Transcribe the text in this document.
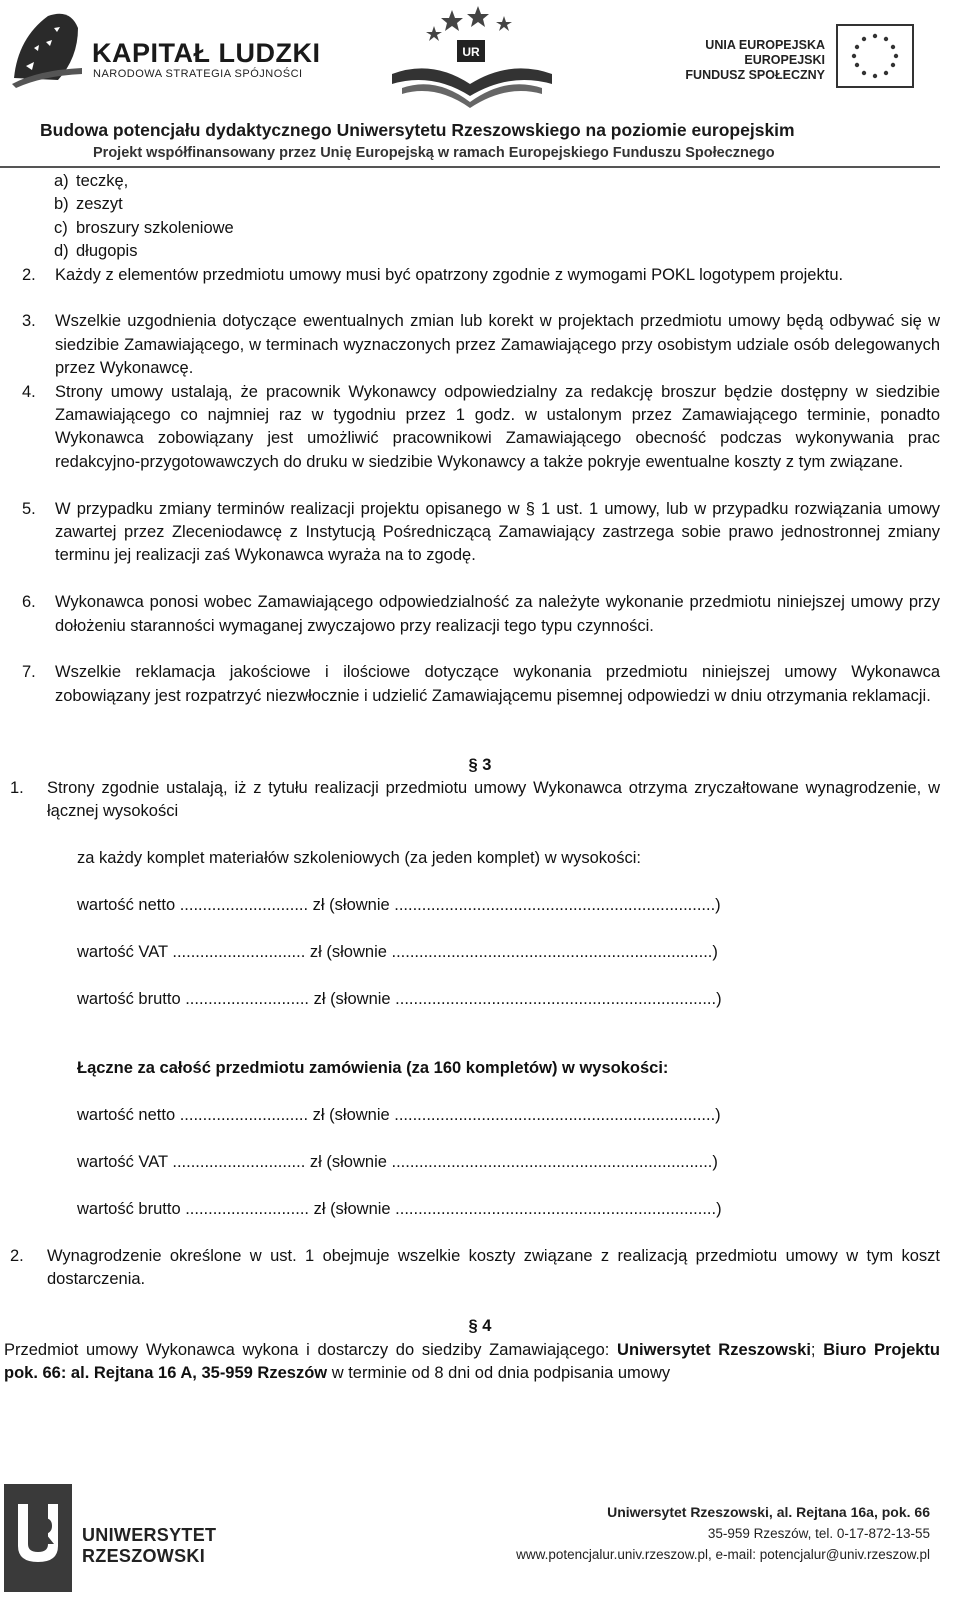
KAPITAŁ LUDZKI
NARODOWA STRATEGIA SPÓJNOŚCI
UR	UNIA EUROPEJSKA
EUROPEJSKI
FUNDUSZ SPOŁECZNY
Budowa potencjału dydaktycznego Uniwersytetu Rzeszowskiego na poziomie europejskim
Projekt współfinansowany przez Unię Europejską w ramach Europejskiego Funduszu Społecznego
a) teczkę,
b) zeszyt
c) broszury szkoleniowe
d) długopis
2. Każdy z elementów przedmiotu umowy musi być opatrzony zgodnie z wymogami POKL logotypem projektu.
3. Wszelkie uzgodnienia dotyczące ewentualnych zmian lub korekt w projektach przedmiotu umowy będą odbywać się w siedzibie Zamawiającego, w terminach wyznaczonych przez Zamawiającego przy osobistym udziale osób delegowanych przez Wykonawcę.
4. Strony umowy ustalają, że pracownik Wykonawcy odpowiedzialny za redakcję broszur będzie dostępny w siedzibie Zamawiającego co najmniej raz w tygodniu przez 1 godz. w ustalonym przez Zamawiającego terminie, ponadto Wykonawca zobowiązany jest umożliwić pracownikowi Zamawiającego obecność podczas wykonywania prac redakcyjno-przygotowawczych do druku w siedzibie Wykonawcy a także pokryje ewentualne koszty z tym związane.
5. W przypadku zmiany terminów realizacji projektu opisanego w § 1 ust. 1 umowy, lub w przypadku rozwiązania umowy zawartej przez Zleceniodawcę z Instytucją Pośredniczącą Zamawiający zastrzega sobie prawo jednostronnej zmiany terminu jej realizacji zaś Wykonawca wyraża na to zgodę.
6. Wykonawca ponosi wobec Zamawiającego odpowiedzialność za należyte wykonanie przedmiotu niniejszej umowy przy dołożeniu staranności wymaganej zwyczajowo przy realizacji tego typu czynności.
7. Wszelkie reklamacja jakościowe i ilościowe dotyczące wykonania przedmiotu niniejszej umowy Wykonawca zobowiązany jest rozpatrzyć niezwłocznie i udzielić Zamawiającemu pisemnej odpowiedzi w dniu otrzymania reklamacji.
§ 3
1. Strony zgodnie ustalają, iż z tytułu realizacji przedmiotu umowy Wykonawca otrzyma zryczałtowane wynagrodzenie, w łącznej wysokości
za każdy komplet materiałów szkoleniowych (za jeden komplet) w wysokości:
wartość netto ............................ zł (słownie ......................................................................)
wartość VAT ............................. zł (słownie ......................................................................)
wartość brutto ........................... zł (słownie ......................................................................)
Łączne za całość przedmiotu zamówienia (za 160 kompletów) w wysokości:
wartość netto ............................ zł (słownie ......................................................................)
wartość VAT ............................. zł (słownie ......................................................................)
wartość brutto ........................... zł (słownie ......................................................................)
2. Wynagrodzenie określone w ust. 1 obejmuje wszelkie koszty związane z realizacją przedmiotu umowy w tym koszt dostarczenia.
§ 4
Przedmiot umowy Wykonawca wykona i dostarczy do siedziby Zamawiającego: Uniwersytet Rzeszowski; Biuro Projektu pok. 66: al. Rejtana 16 A, 35-959 Rzeszów w terminie od 8 dni od dnia podpisania umowy
UNIWERSYTET
RZESZOWSKI
Uniwersytet Rzeszowski, al. Rejtana 16a, pok. 66
35-959 Rzeszów, tel. 0-17-872-13-55
www.potencjalur.univ.rzeszow.pl, e-mail: potencjalur@univ.rzeszow.pl
